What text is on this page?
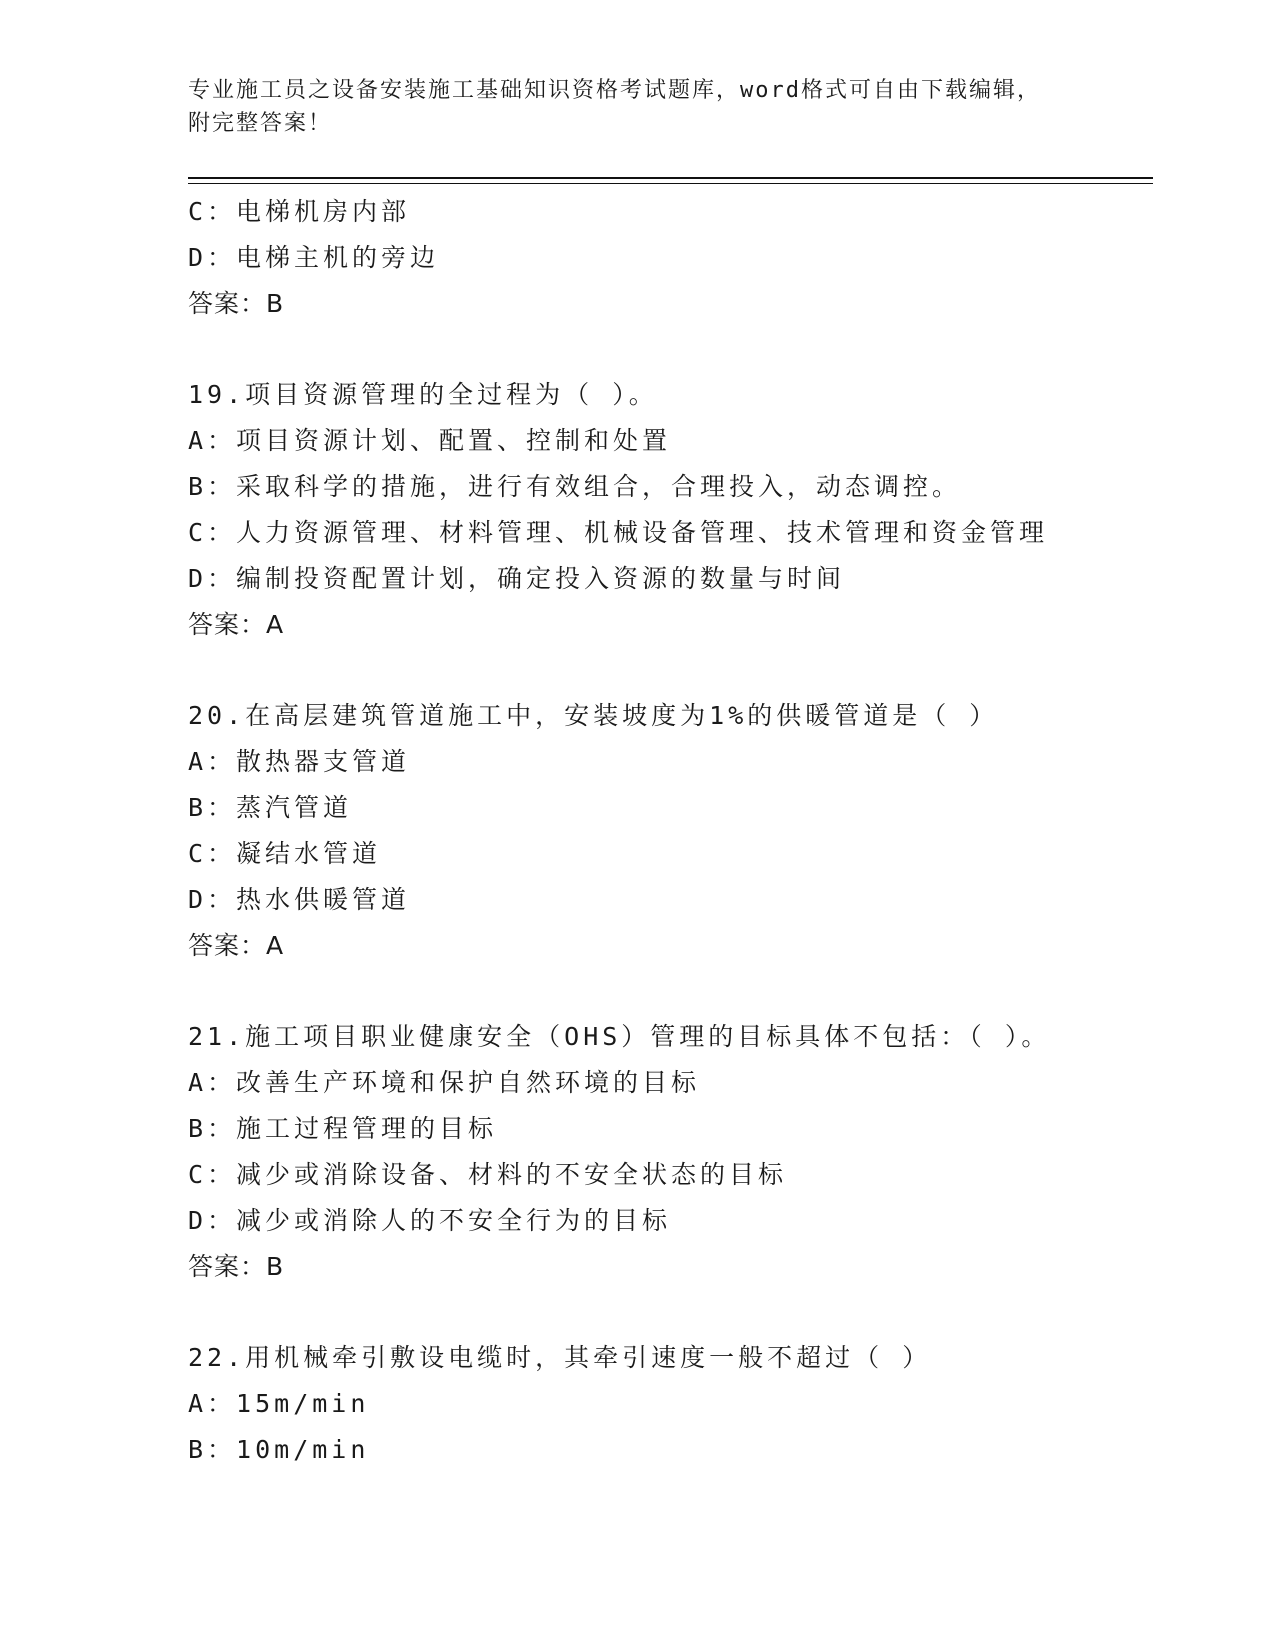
专业施工员之设备安装施工基础知识资格考试题库，word格式可自由下载编辑，
附完整答案！
C：电梯机房内部
D：电梯主机的旁边
答案：B
19.项目资源管理的全过程为（ ）。
A：项目资源计划、配置、控制和处置
B：采取科学的措施，进行有效组合，合理投入，动态调控。
C：人力资源管理、材料管理、机械设备管理、技术管理和资金管理
D：编制投资配置计划，确定投入资源的数量与时间
答案：A
20.在高层建筑管道施工中，安装坡度为1%的供暖管道是（ ）
A：散热器支管道
B：蒸汽管道
C：凝结水管道
D：热水供暖管道
答案：A
21.施工项目职业健康安全（OHS）管理的目标具体不包括：（ ）。
A：改善生产环境和保护自然环境的目标
B：施工过程管理的目标
C：减少或消除设备、材料的不安全状态的目标
D：减少或消除人的不安全行为的目标
答案：B
22.用机械牵引敷设电缆时，其牵引速度一般不超过（ ）
A：15m/min
B：10m/min
